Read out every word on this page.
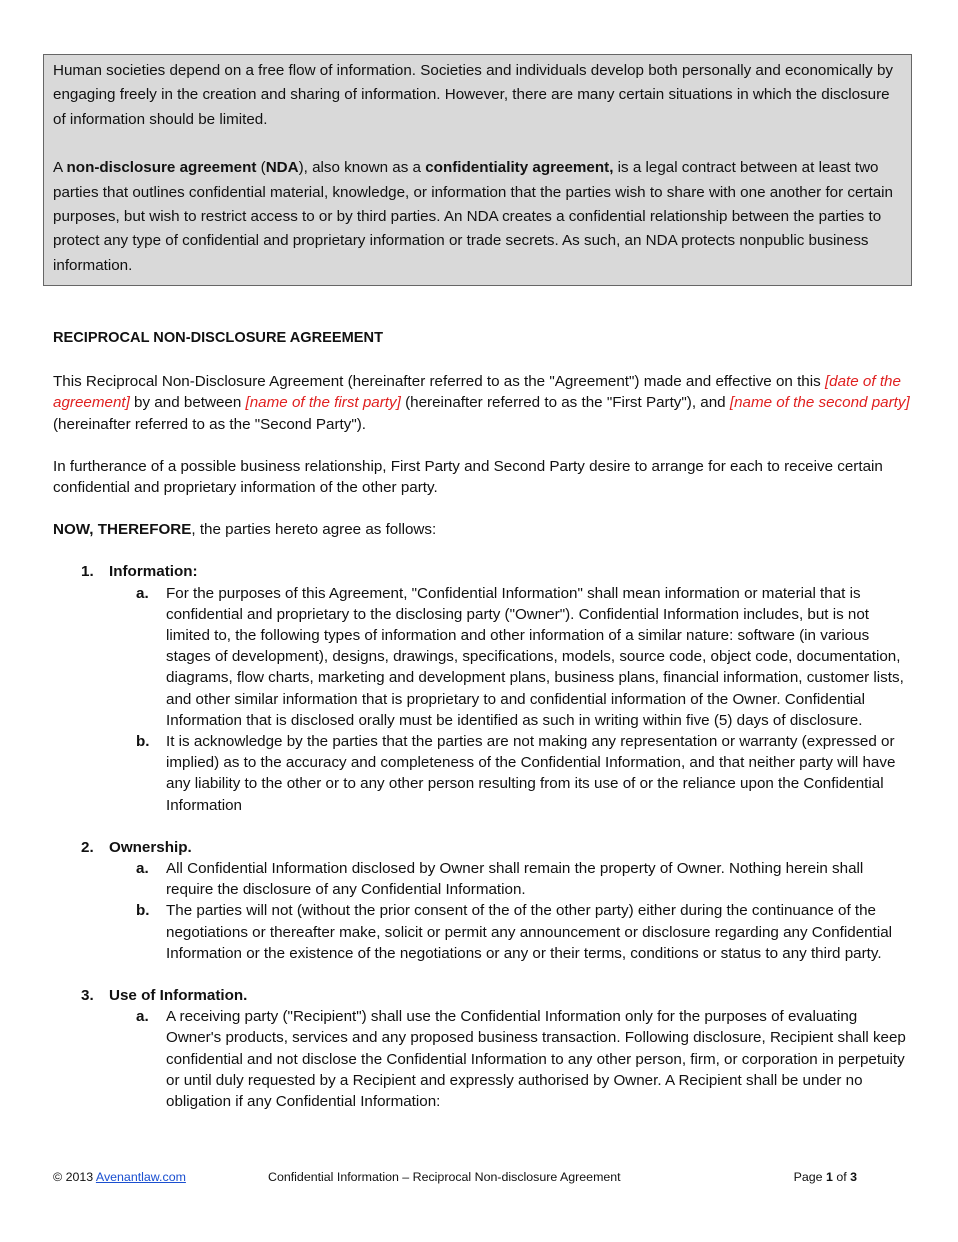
Human societies depend on a free flow of information. Societies and individuals develop both personally and economically by engaging freely in the creation and sharing of information. However, there are many certain situations in which the disclosure of information should be limited.

A non-disclosure agreement (NDA), also known as a confidentiality agreement, is a legal contract between at least two parties that outlines confidential material, knowledge, or information that the parties wish to share with one another for certain purposes, but wish to restrict access to or by third parties. An NDA creates a confidential relationship between the parties to protect any type of confidential and proprietary information or trade secrets. As such, an NDA protects nonpublic business information.

RECIPROCAL NON-DISCLOSURE AGREEMENT

This Reciprocal Non-Disclosure Agreement (hereinafter referred to as the "Agreement") made and effective on this [date of the agreement] by and between [name of the first party] (hereinafter referred to as the "First Party"), and [name of the second party] (hereinafter referred to as the "Second Party").

In furtherance of a possible business relationship, First Party and Second Party desire to arrange for each to receive certain confidential and proprietary information of the other party.

NOW, THEREFORE, the parties hereto agree as follows:

1. Information:
a. For the purposes of this Agreement, "Confidential Information" shall mean information or material that is confidential and proprietary to the disclosing party ("Owner"). Confidential Information includes, but is not limited to, the following types of information and other information of a similar nature: software (in various stages of development), designs, drawings, specifications, models, source code, object code, documentation, diagrams, flow charts, marketing and development plans, business plans, financial information, customer lists, and other similar information that is proprietary to and confidential information of the Owner. Confidential Information that is disclosed orally must be identified as such in writing within five (5) days of disclosure.
b. It is acknowledge by the parties that the parties are not making any representation or warranty (expressed or implied) as to the accuracy and completeness of the Confidential Information, and that neither party will have any liability to the other or to any other person resulting from its use of or the reliance upon the Confidential Information
2. Ownership.
a. All Confidential Information disclosed by Owner shall remain the property of Owner. Nothing herein shall require the disclosure of any Confidential Information.
b. The parties will not (without the prior consent of the of the other party) either during the continuance of the negotiations or thereafter make, solicit or permit any announcement or disclosure regarding any Confidential Information or the existence of the negotiations or any or their terms, conditions or status to any third party.
3. Use of Information.
a. A receiving party ("Recipient") shall use the Confidential Information only for the purposes of evaluating Owner's products, services and any proposed business transaction. Following disclosure, Recipient shall keep confidential and not disclose the Confidential Information to any other person, firm, or corporation in perpetuity or until duly requested by a Recipient and expressly authorised by Owner. A Recipient shall be under no obligation if any Confidential Information:
© 2013 Avenantlaw.com	Confidential Information – Reciprocal Non-disclosure Agreement	Page 1 of 3
